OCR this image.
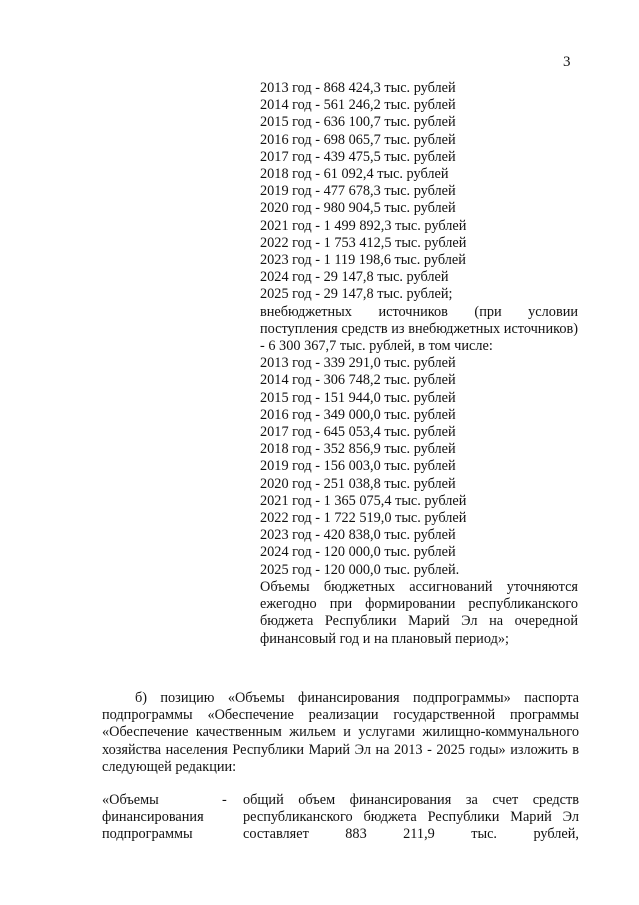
3
2013 год - 868 424,3 тыс. рублей
2014 год - 561 246,2 тыс. рублей
2015 год - 636 100,7 тыс. рублей
2016 год - 698 065,7 тыс. рублей
2017 год - 439 475,5 тыс. рублей
2018 год - 61 092,4 тыс. рублей
2019 год - 477 678,3 тыс. рублей
2020 год - 980 904,5 тыс. рублей
2021 год - 1 499 892,3 тыс. рублей
2022 год - 1 753 412,5 тыс. рублей
2023 год - 1 119 198,6 тыс. рублей
2024 год - 29 147,8 тыс. рублей
2025 год - 29 147,8 тыс. рублей;
внебюджетных источников (при условии поступления средств из внебюджетных источников) - 6 300 367,7 тыс. рублей, в том числе:
2013 год - 339 291,0 тыс. рублей
2014 год - 306 748,2 тыс. рублей
2015 год - 151 944,0 тыс. рублей
2016 год - 349 000,0 тыс. рублей
2017 год - 645 053,4 тыс. рублей
2018 год - 352 856,9 тыс. рублей
2019 год - 156 003,0 тыс. рублей
2020 год - 251 038,8 тыс. рублей
2021 год - 1 365 075,4 тыс. рублей
2022 год - 1 722 519,0 тыс. рублей
2023 год - 420 838,0 тыс. рублей
2024 год - 120 000,0 тыс. рублей
2025 год - 120 000,0 тыс. рублей.
Объемы бюджетных ассигнований уточняются ежегодно при формировании республиканского бюджета Республики Марий Эл на очередной финансовый год и на плановый период»;
б) позицию «Объемы финансирования подпрограммы» паспорта подпрограммы «Обеспечение реализации государственной программы «Обеспечение качественным жильем и услугами жилищно-коммунального хозяйства населения Республики Марий Эл на 2013 - 2025 годы» изложить в следующей редакции:
«Объемы финансирования подпрограммы
- общий объем финансирования за счет средств республиканского бюджета Республики Марий Эл составляет 883 211,9 тыс. рублей,
